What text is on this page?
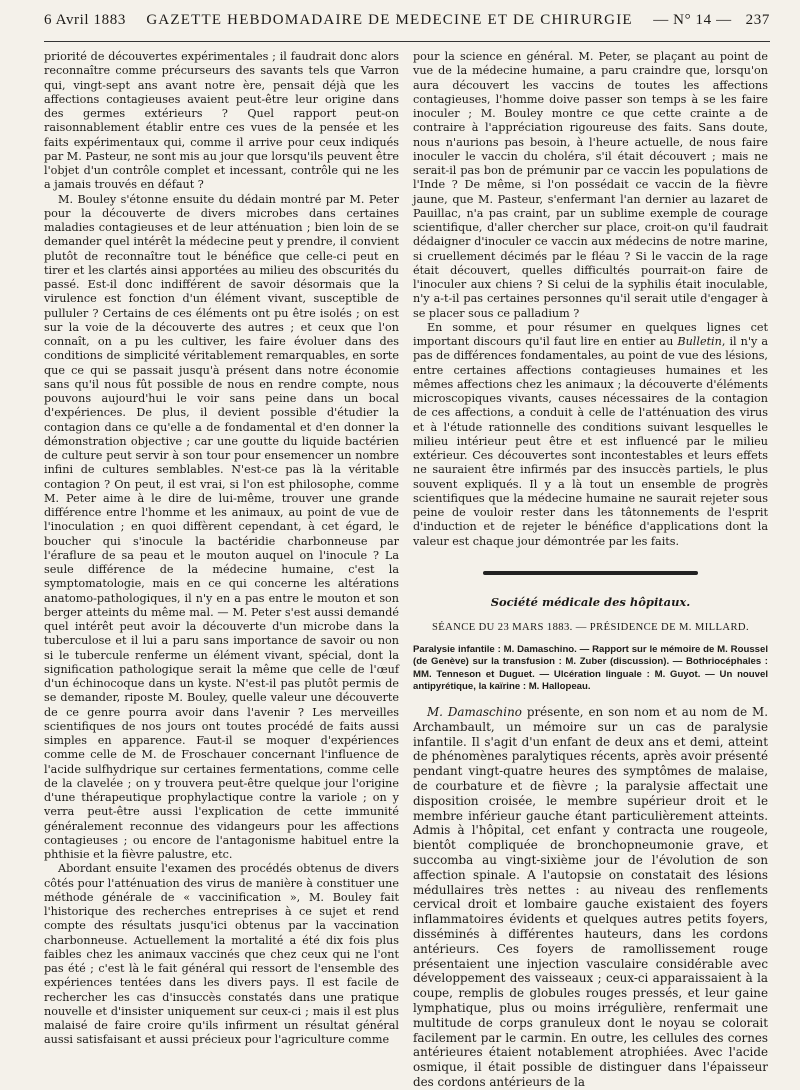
6 Avril 1883 GAZETTE HEBDOMADAIRE DE MEDECINE ET DE CHIRURGIE — N° 14 — 237

priorité de découvertes expérimentales ; il faudrait donc alors reconnaître comme précurseurs des savants tels que Varron qui, vingt-sept ans avant notre ère, pensait déjà que les affections contagieuses avaient peut-être leur origine dans des germes extérieurs ? Quel rapport peut-on raisonnablement établir entre ces vues de la pensée et les faits expérimentaux qui, comme il arrive pour ceux indiqués par M. Pasteur, ne sont mis au jour que lorsqu'ils peuvent être l'objet d'un contrôle complet et incessant, contrôle qui ne les a jamais trouvés en défaut ?

M. Bouley s'étonne ensuite du dédain montré par M. Peter pour la découverte de divers microbes dans certaines maladies contagieuses et de leur atténuation ; bien loin de se demander quel intérêt la médecine peut y prendre, il convient plutôt de reconnaître tout le bénéfice que celle-ci peut en tirer et les clartés ainsi apportées au milieu des obscurités du passé. Est-il donc indifférent de savoir désormais que la virulence est fonction d'un élément vivant, susceptible de pulluler ? Certains de ces éléments ont pu être isolés ; on est sur la voie de la découverte des autres ; et ceux que l'on connaît, on a pu les cultiver, les faire évoluer dans des conditions de simplicité véritablement remarquables, en sorte que ce qui se passait jusqu'à présent dans notre économie sans qu'il nous fût possible de nous en rendre compte, nous pouvons aujourd'hui le voir sans peine dans un bocal d'expériences. De plus, il devient possible d'étudier la contagion dans ce qu'elle a de fondamental et d'en donner la démonstration objective ; car une goutte du liquide bactérien de culture peut servir à son tour pour ensemencer un nombre infini de cultures semblables. N'est-ce pas là la véritable contagion ? On peut, il est vrai, si l'on est philosophe, comme M. Peter aime à le dire de lui-même, trouver une grande différence entre l'homme et les animaux, au point de vue de l'inoculation ; en quoi diffèrent cependant, à cet égard, le boucher qui s'inocule la bactéridie charbonneuse par l'éraflure de sa peau et le mouton auquel on l'inocule ? La seule différence de la médecine humaine, c'est la symptomatologie, mais en ce qui concerne les altérations anatomo-pathologiques, il n'y en a pas entre le mouton et son berger atteints du même mal. — M. Peter s'est aussi demandé quel intérêt peut avoir la découverte d'un microbe dans la tuberculose et il lui a paru sans importance de savoir ou non si le tubercule renferme un élément vivant, spécial, dont la signification pathologique serait la même que celle de l'œuf d'un échinocoque dans un kyste. N'est-il pas plutôt permis de se demander, riposte M. Bouley, quelle valeur une découverte de ce genre pourra avoir dans l'avenir ? Les merveilles scientifiques de nos jours ont toutes procédé de faits aussi simples en apparence. Faut-il se moquer d'expériences comme celle de M. de Froschauer concernant l'influence de l'acide sulfhydrique sur certaines fermentations, comme celle de la clavelée ; on y trouvera peut-être quelque jour l'origine d'une thérapeutique prophylactique contre la variole ; on y verra peut-être aussi l'explication de cette immunité généralement reconnue des vidangeurs pour les affections contagieuses ; ou encore de l'antagonisme habituel entre la phthisie et la fièvre palustre, etc.

Abordant ensuite l'examen des procédés obtenus de divers côtés pour l'atténuation des virus de manière à constituer une méthode générale de « vaccinification », M. Bouley fait l'historique des recherches entreprises à ce sujet et rend compte des résultats jusqu'ici obtenus par la vaccination charbonneuse. Actuellement la mortalité a été dix fois plus faibles chez les animaux vaccinés que chez ceux qui ne l'ont pas été ; c'est là le fait général qui ressort de l'ensemble des expériences tentées dans les divers pays. Il est facile de rechercher les cas d'insuccès constatés dans une pratique nouvelle et d'insister uniquement sur ceux-ci ; mais il est plus malaisé de faire croire qu'ils infirment un résultat général aussi satisfaisant et aussi précieux pour l'agriculture comme

pour la science en général. M. Peter, se plaçant au point de vue de la médecine humaine, a paru craindre que, lorsqu'on aura découvert les vaccins de toutes les affections contagieuses, l'homme doive passer son temps à se les faire inoculer ; M. Bouley montre ce que cette crainte a de contraire à l'appréciation rigoureuse des faits. Sans doute, nous n'aurions pas besoin, à l'heure actuelle, de nous faire inoculer le vaccin du choléra, s'il était découvert ; mais ne serait-il pas bon de prémunir par ce vaccin les populations de l'Inde ? De même, si l'on possédait ce vaccin de la fièvre jaune, que M. Pasteur, s'enfermant l'an dernier au lazaret de Pauillac, n'a pas craint, par un sublime exemple de courage scientifique, d'aller chercher sur place, croit-on qu'il faudrait dédaigner d'inoculer ce vaccin aux médecins de notre marine, si cruellement décimés par le fléau ? Si le vaccin de la rage était découvert, quelles difficultés pourrait-on faire de l'inoculer aux chiens ? Si celui de la syphilis était inoculable, n'y a-t-il pas certaines personnes qu'il serait utile d'engager à se placer sous ce palladium ?

En somme, et pour résumer en quelques lignes cet important discours qu'il faut lire en entier au Bulletin, il n'y a pas de différences fondamentales, au point de vue des lésions, entre certaines affections contagieuses humaines et les mêmes affections chez les animaux ; la découverte d'éléments microscopiques vivants, causes nécessaires de la contagion de ces affections, a conduit à celle de l'atténuation des virus et à l'étude rationnelle des conditions suivant lesquelles le milieu intérieur peut être et est influencé par le milieu extérieur. Ces découvertes sont incontestables et leurs effets ne sauraient être infirmés par des insuccès partiels, le plus souvent expliqués. Il y a là tout un ensemble de progrès scientifiques que la médecine humaine ne saurait rejeter sous peine de vouloir rester dans les tâtonnements de l'esprit d'induction et de rejeter le bénéfice d'applications dont la valeur est chaque jour démontrée par les faits.

Société médicale des hôpitaux.
SÉANCE DU 23 MARS 1883. — PRÉSIDENCE DE M. MILLARD.
Paralysie infantile : M. Damaschino. — Rapport sur le mémoire de M. Roussel (de Genève) sur la transfusion : M. Zuber (discussion). — Bothriocéphales : MM. Tenneson et Duguet. — Ulcération linguale : M. Guyot. — Un nouvel antipyrétique, la kaïrine : M. Hallopeau.

M. Damaschino présente, en son nom et au nom de M. Archambault, un mémoire sur un cas de paralysie infantile. Il s'agit d'un enfant de deux ans et demi, atteint de phénomènes paralytiques récents, après avoir présenté pendant vingt-quatre heures des symptômes de malaise, de courbature et de fièvre ; la paralysie affectait une disposition croisée, le membre supérieur droit et le membre inférieur gauche étant particulièrement atteints. Admis à l'hôpital, cet enfant y contracta une rougeole, bientôt compliquée de bronchopneumonie grave, et succomba au vingt-sixième jour de l'évolution de son affection spinale. A l'autopsie on constatait des lésions médullaires très nettes : au niveau des renflements cervical droit et lombaire gauche existaient des foyers inflammatoires évidents et quelques autres petits foyers, disséminés à différentes hauteurs, dans les cordons antérieurs. Ces foyers de ramollissement rouge présentaient une injection vasculaire considérable avec développement des vaisseaux ; ceux-ci apparaissaient à la coupe, remplis de globules rouges pressés, et leur gaine lymphatique, plus ou moins irrégulière, renfermait une multitude de corps granuleux dont le noyau se colorait facilement par le carmin. En outre, les cellules des cornes antérieures étaient notablement atrophiées. Avec l'acide osmique, il était possible de distinguer dans l'épaisseur des cordons antérieurs de la
